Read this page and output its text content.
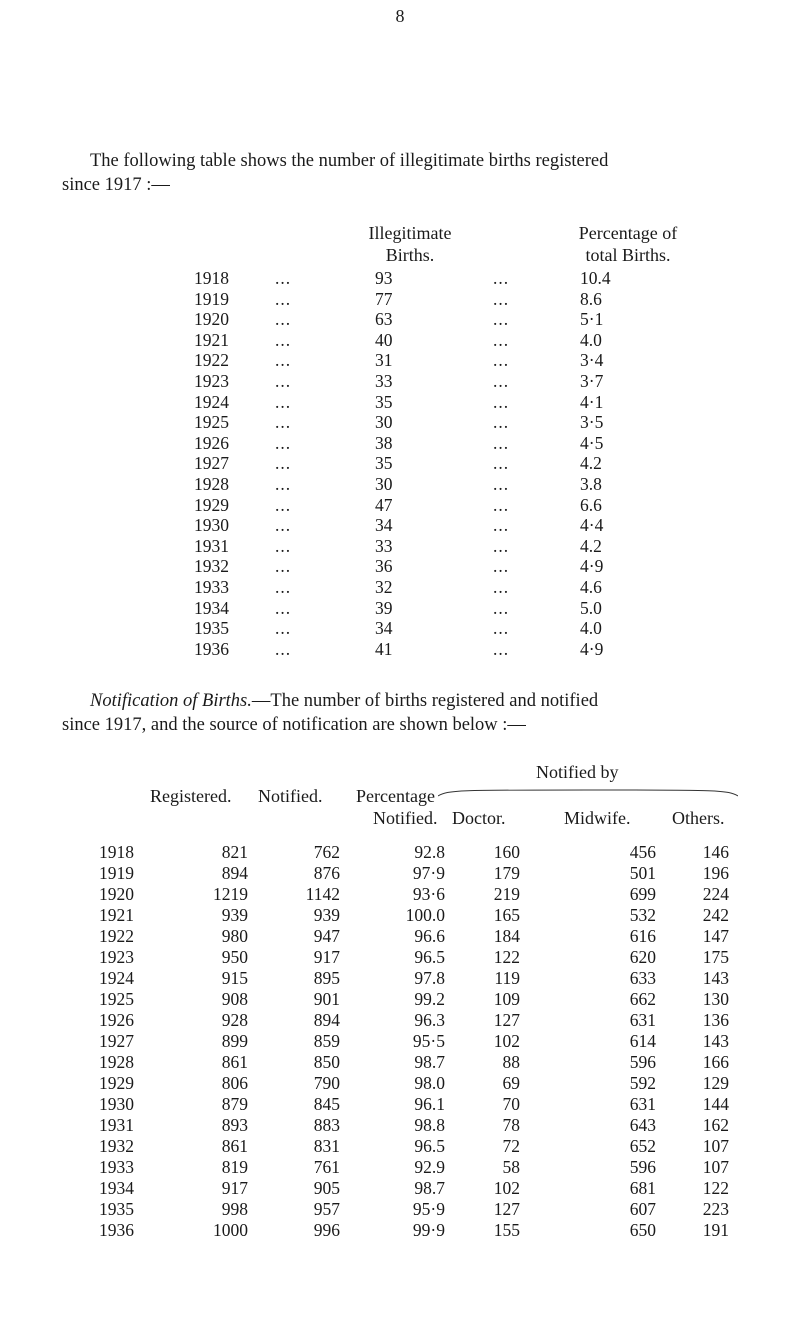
8
The following table shows the number of illegitimate births registered
since 1917 :—
Illegitimate
Births.
Percentage of
total Births.
1918	...	93	...	10.4
1919	...	77	...	8.6
1920	...	63	...	5·1
1921	...	40	...	4.0
1922	...	31	...	3·4
1923	...	33	...	3·7
1924	...	35	...	4·1
1925	...	30	...	3·5
1926	...	38	...	4·5
1927	...	35	...	4.2
1928	...	30	...	3.8
1929	...	47	...	6.6
1930	...	34	...	4·4
1931	...	33	...	4.2
1932	...	36	...	4·9
1933	...	32	...	4.6
1934	...	39	...	5.0
1935	...	34	...	4.0
1936	...	41	...	4·9
Notification of Births.—The number of births registered and notified
since 1917, and the source of notification are shown below :—
Notified by
Registered. Notified. Percentage
Notified. Doctor.	Midwife. Others.
1918	821	762	92.8	160	456	146
1919	894	876	97·9	179	501	196
1920	1219	1142	93·6	219	699	224
1921	939	939	100.0	165	532	242
1922	980	947	96.6	184	616	147
1923	950	917	96.5	122	620	175
1924	915	895	97.8	119	633	143
1925	908	901	99.2	109	662	130
1926	928	894	96.3	127	631	136
1927	899	859	95·5	102	614	143
1928	861	850	98.7	88	596	166
1929	806	790	98.0	69	592	129
1930	879	845	96.1	70	631	144
1931	893	883	98.8	78	643	162
1932	861	831	96.5	72	652	107
1933	819	761	92.9	58	596	107
1934	917	905	98.7	102	681	122
1935	998	957	95·9	127	607	223
1936	1000	996	99·9	155	650	191
